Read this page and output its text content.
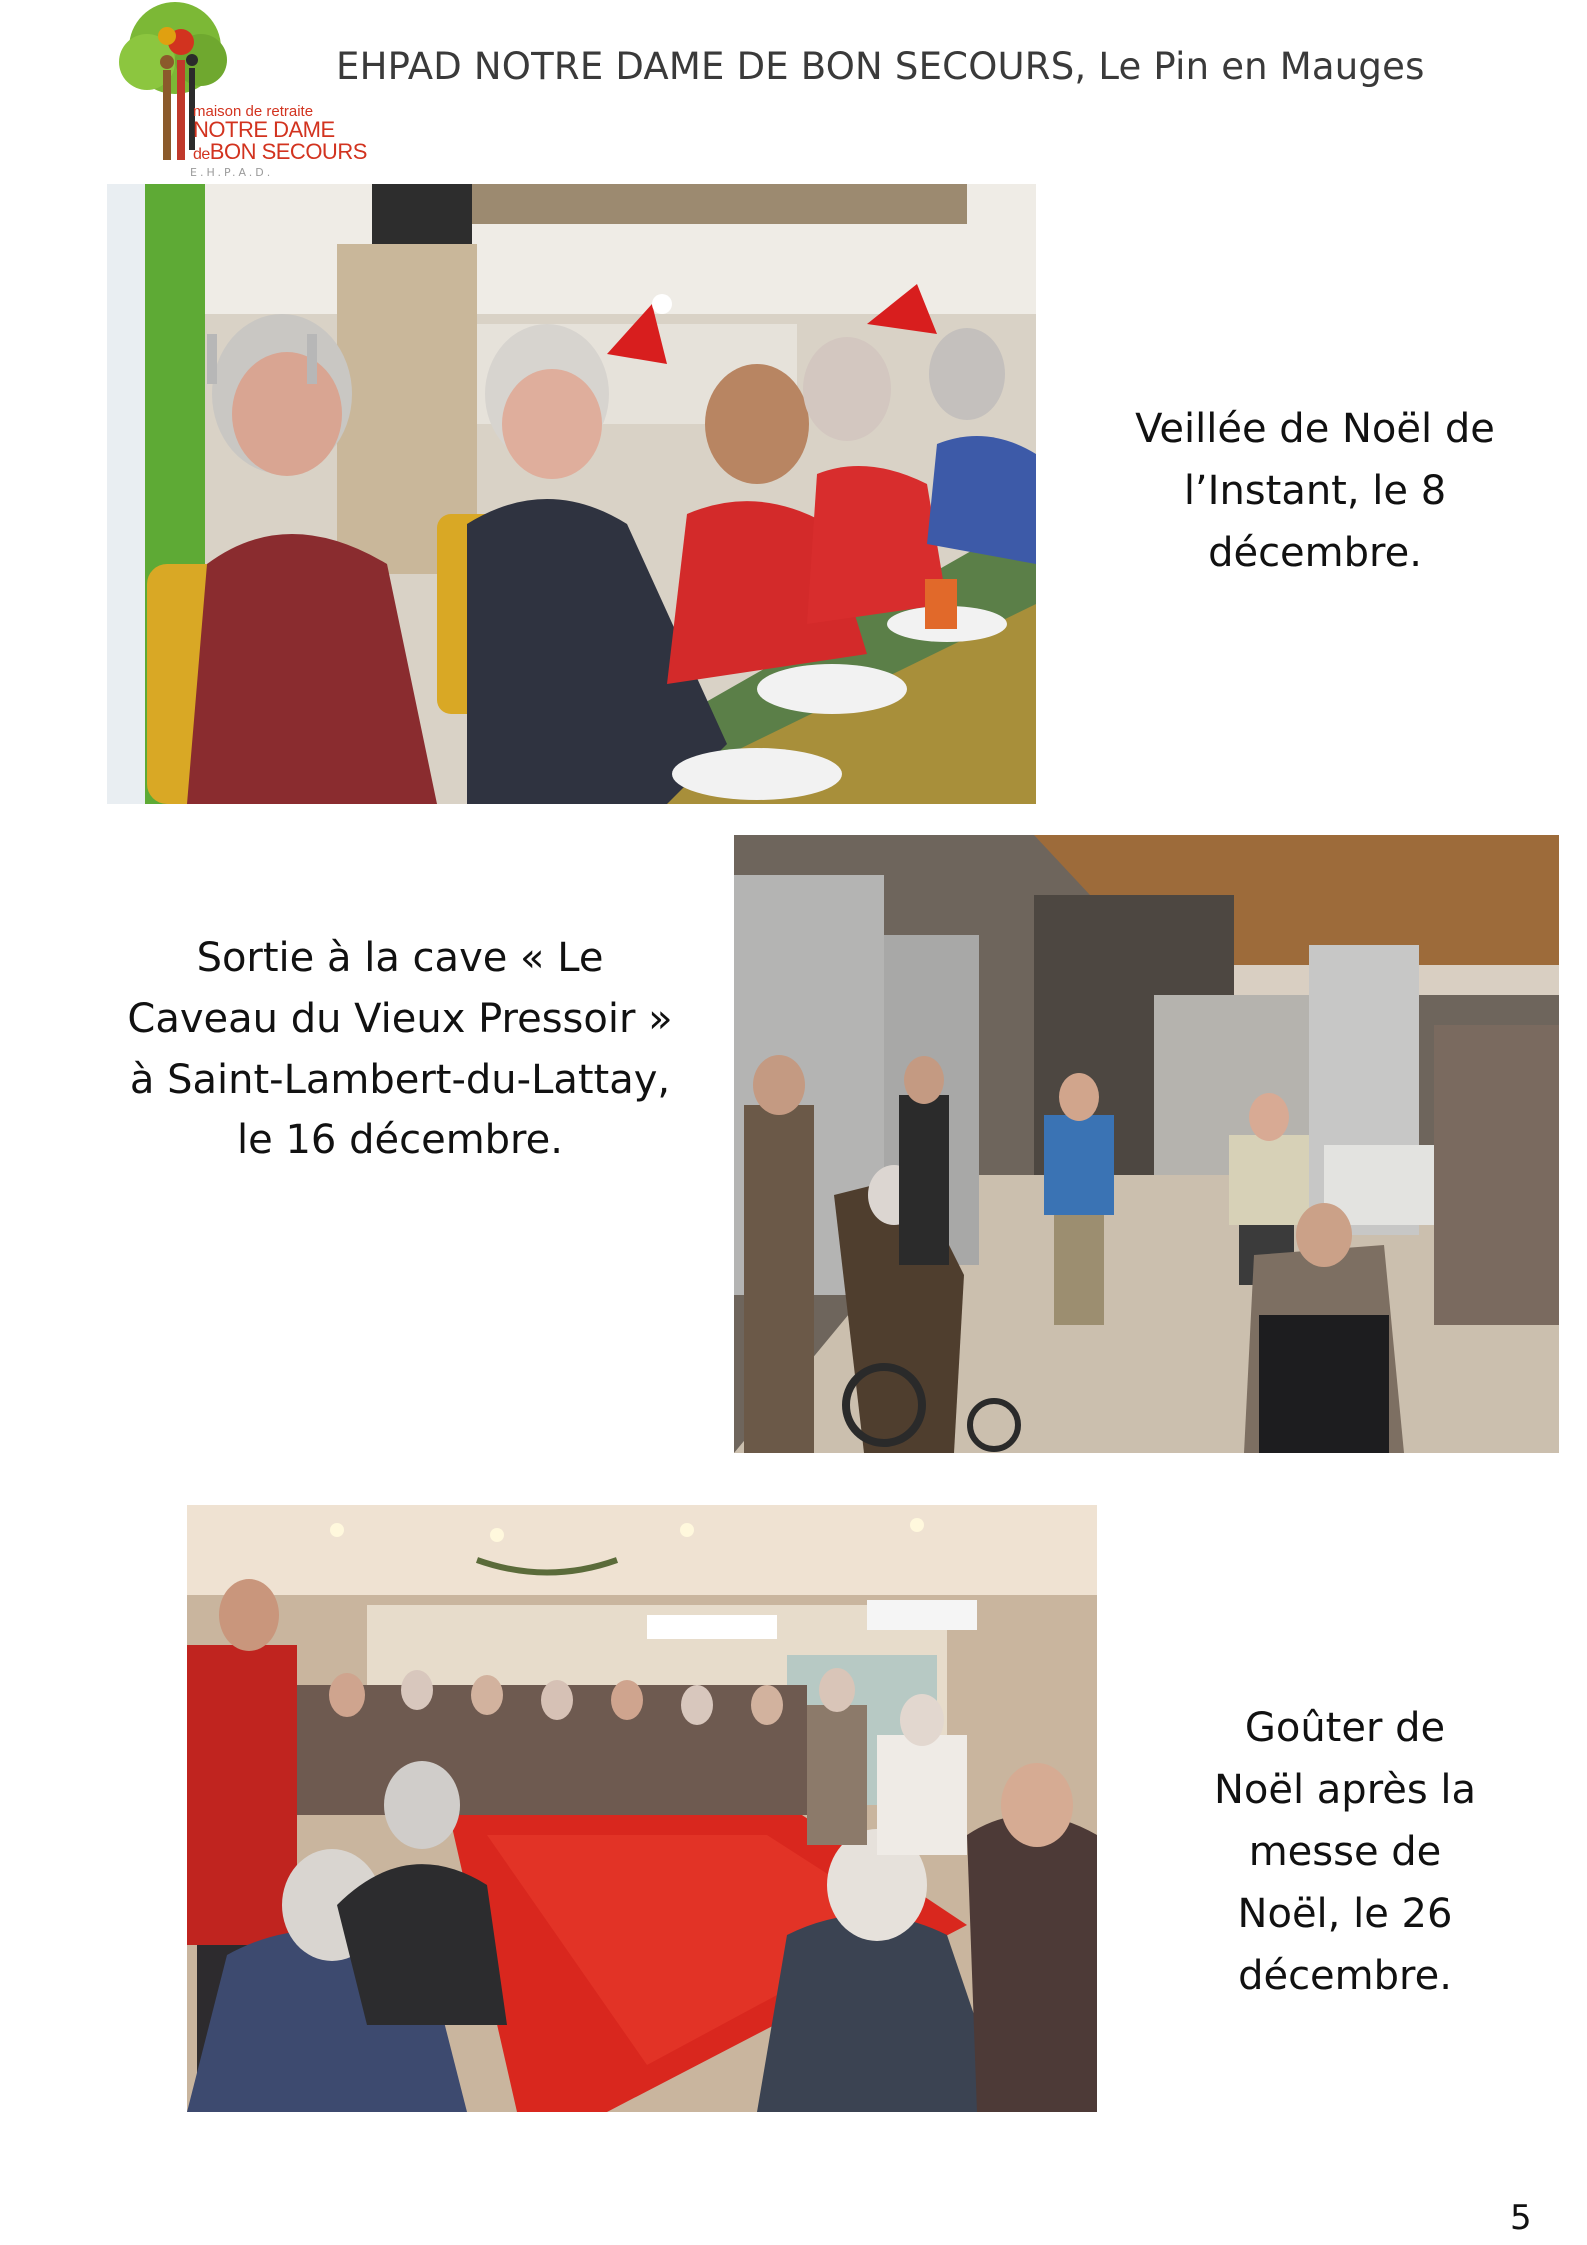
maison de retraite
NOTRE DAME
deBON SECOURS
E.H.P.A.D.
EHPAD NOTRE DAME DE BON SECOURS, Le Pin en Mauges
Veillée de Noël de
l’Instant, le 8
décembre.
Sortie à la cave « Le
Caveau du Vieux Pressoir »
à Saint-Lambert-du-Lattay,
le 16 décembre.
Goûter de
Noël après la
messe de
Noël, le 26
décembre.
5
